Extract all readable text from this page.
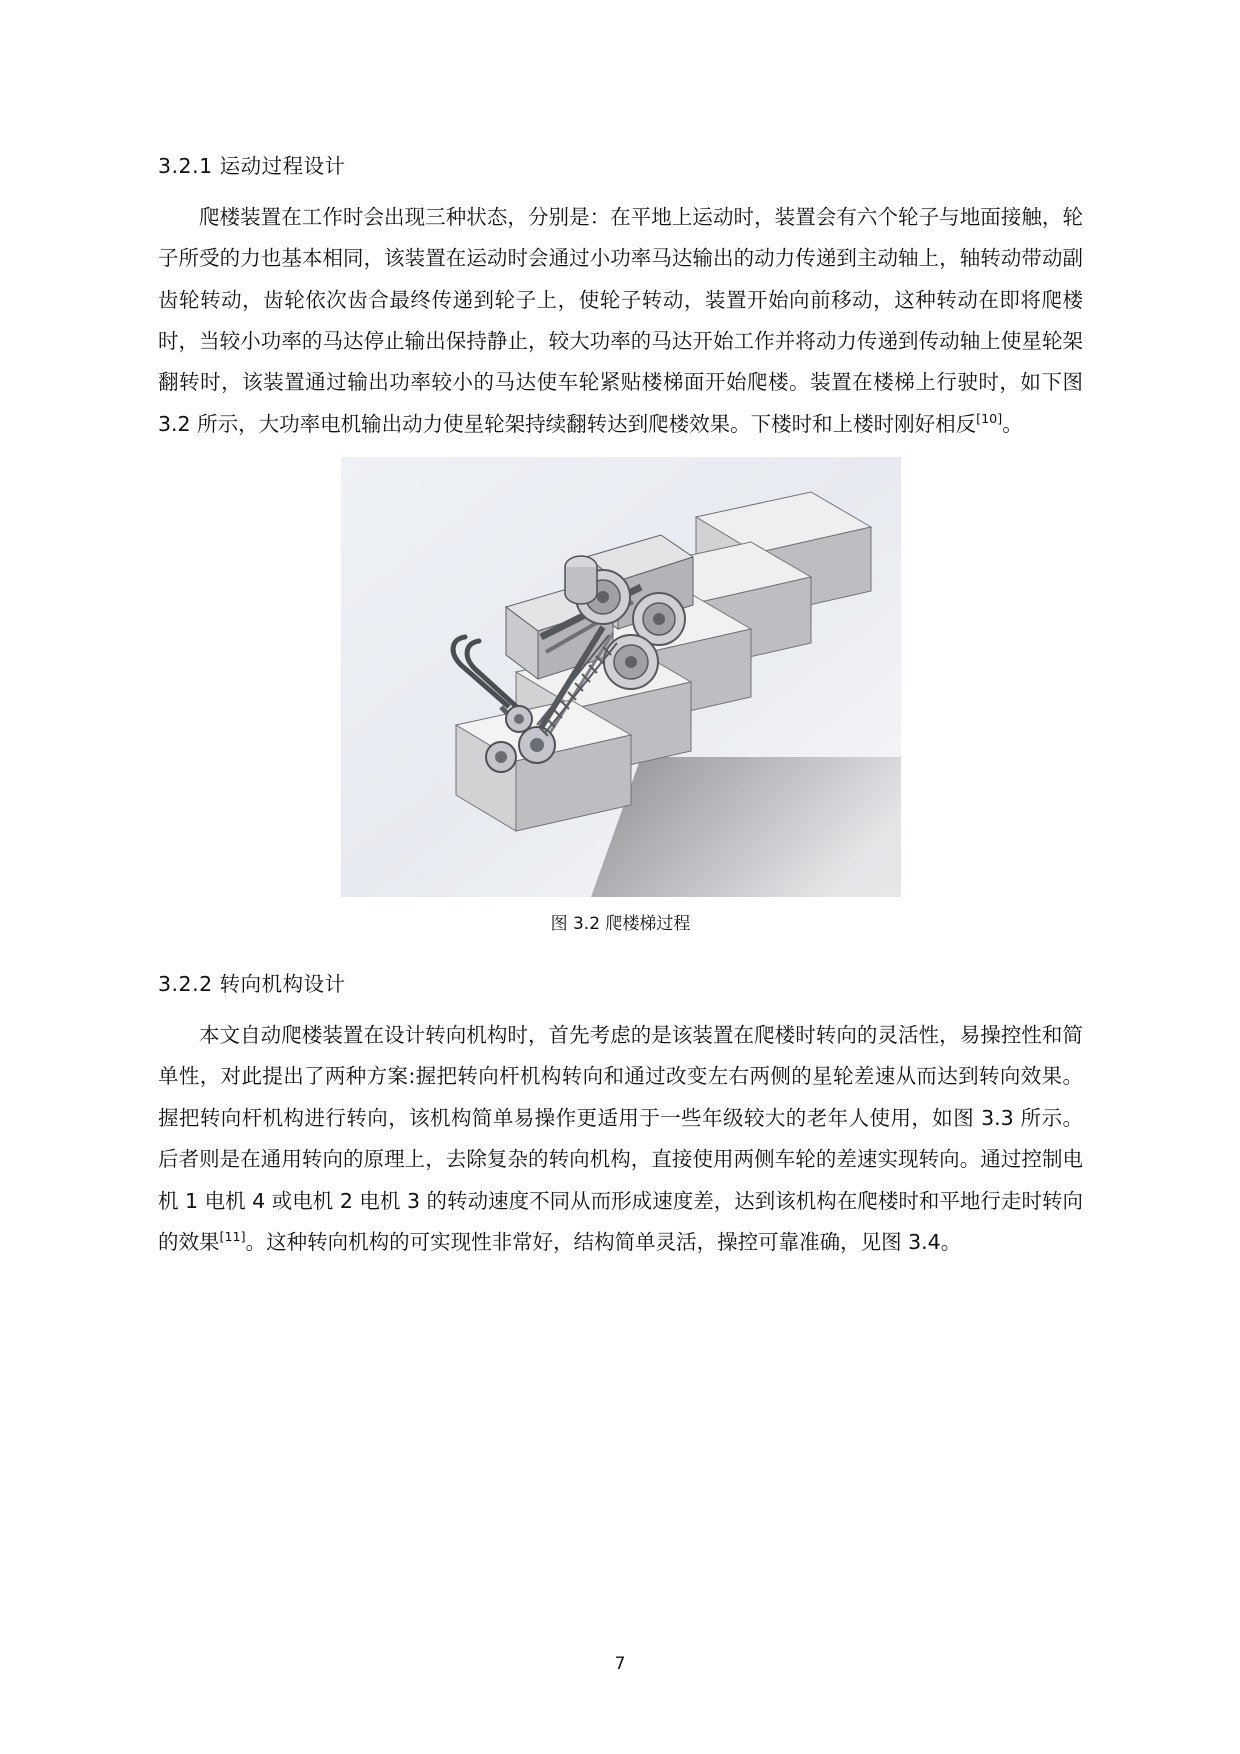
3.2.1 运动过程设计

爬楼装置在工作时会出现三种状态，分别是：在平地上运动时，装置会有六个轮子与地面接触，轮子所受的力也基本相同，该装置在运动时会通过小功率马达输出的动力传递到主动轴上，轴转动带动副齿轮转动，齿轮依次齿合最终传递到轮子上，使轮子转动，装置开始向前移动，这种转动在即将爬楼时，当较小功率的马达停止输出保持静止，较大功率的马达开始工作并将动力传递到传动轴上使星轮架翻转时，该装置通过输出功率较小的马达使车轮紧贴楼梯面开始爬楼。装置在楼梯上行驶时，如下图 3.2 所示，大功率电机输出动力使星轮架持续翻转达到爬楼效果。下楼时和上楼时刚好相反[10]。

图 3.2 爬楼梯过程
3.2.2 转向机构设计

本文自动爬楼装置在设计转向机构时，首先考虑的是该装置在爬楼时转向的灵活性，易操控性和简单性，对此提出了两种方案:握把转向杆机构转向和通过改变左右两侧的星轮差速从而达到转向效果。握把转向杆机构进行转向，该机构简单易操作更适用于一些年级较大的老年人使用，如图 3.3 所示。后者则是在通用转向的原理上，去除复杂的转向机构，直接使用两侧车轮的差速实现转向。通过控制电机 1 电机 4 或电机 2 电机 3 的转动速度不同从而形成速度差，达到该机构在爬楼时和平地行走时转向的效果[11]。这种转向机构的可实现性非常好，结构简单灵活，操控可靠准确，见图 3.4。

7
